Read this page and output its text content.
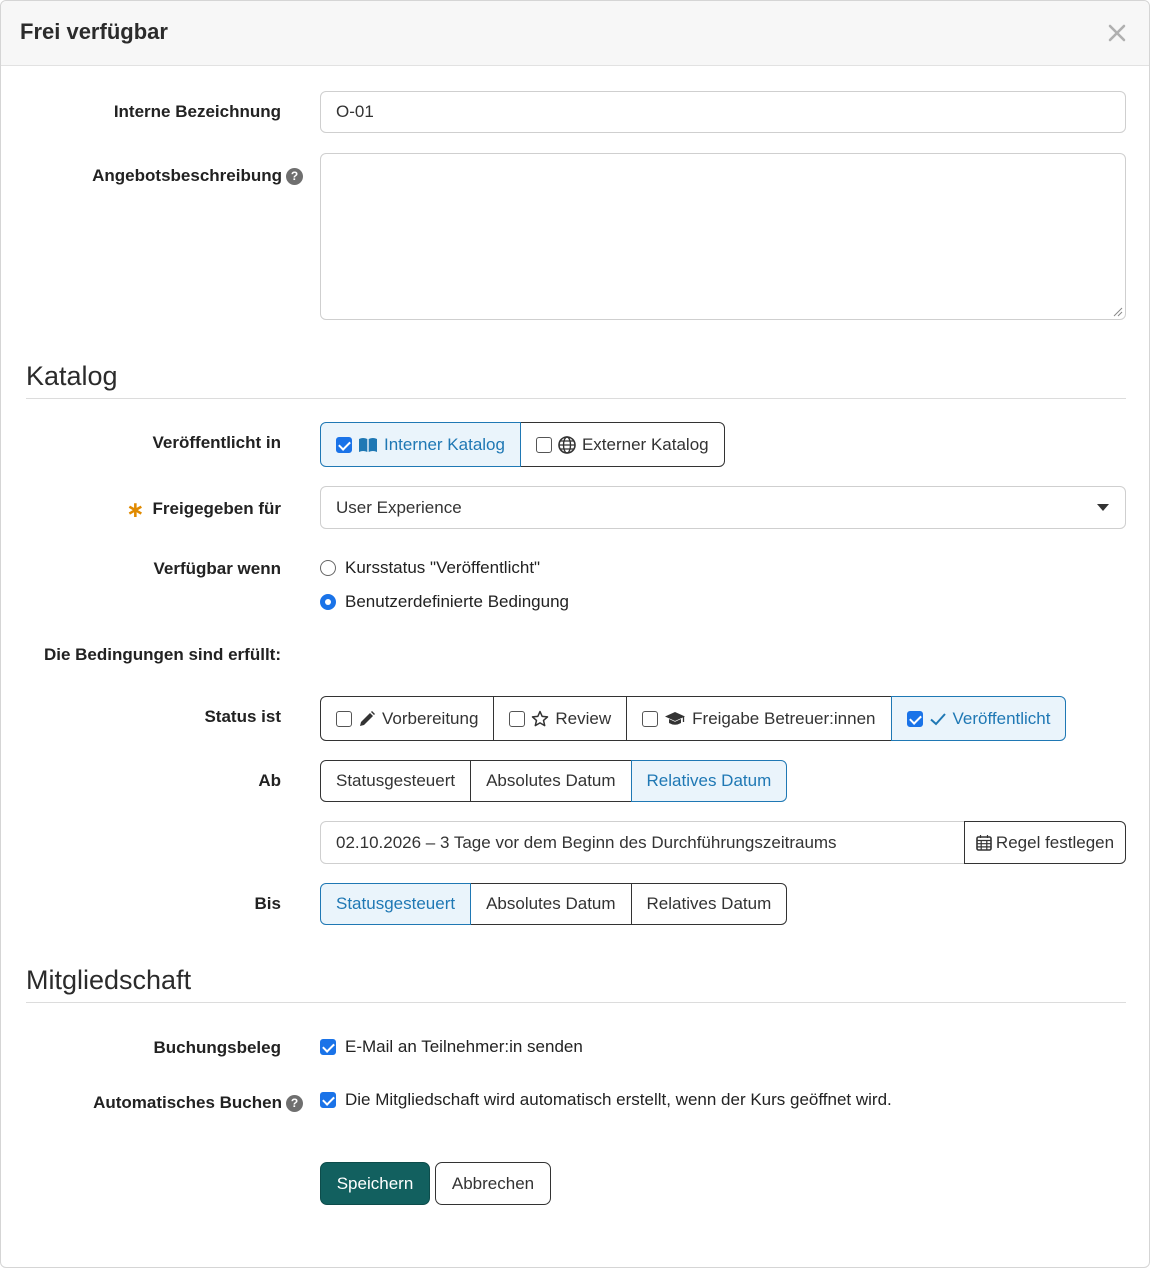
Frei verfügbar
Interne Bezeichnung	O-01
Angebotsbeschreibung ?
Katalog
Veröffentlicht in	Interner Katalog	Externer Katalog
∗ Freigegeben für	User Experience
Verfügbar wenn	Kursstatus "Veröffentlicht"
Benutzerdefinierte Bedingung
Die Bedingungen sind erfüllt:
Status ist	Vorbereitung	Review	Freigabe Betreuer:innen	Veröffentlicht
Ab	Statusgesteuert	Absolutes Datum	Relatives Datum
02.10.2026 – 3 Tage vor dem Beginn des Durchführungszeitraums	Regel festlegen
Bis	Statusgesteuert	Absolutes Datum	Relatives Datum
Mitgliedschaft
Buchungsbeleg	E-Mail an Teilnehmer:in senden
Automatisches Buchen ?	Die Mitgliedschaft wird automatisch erstellt, wenn der Kurs geöffnet wird.
Speichern	Abbrechen
